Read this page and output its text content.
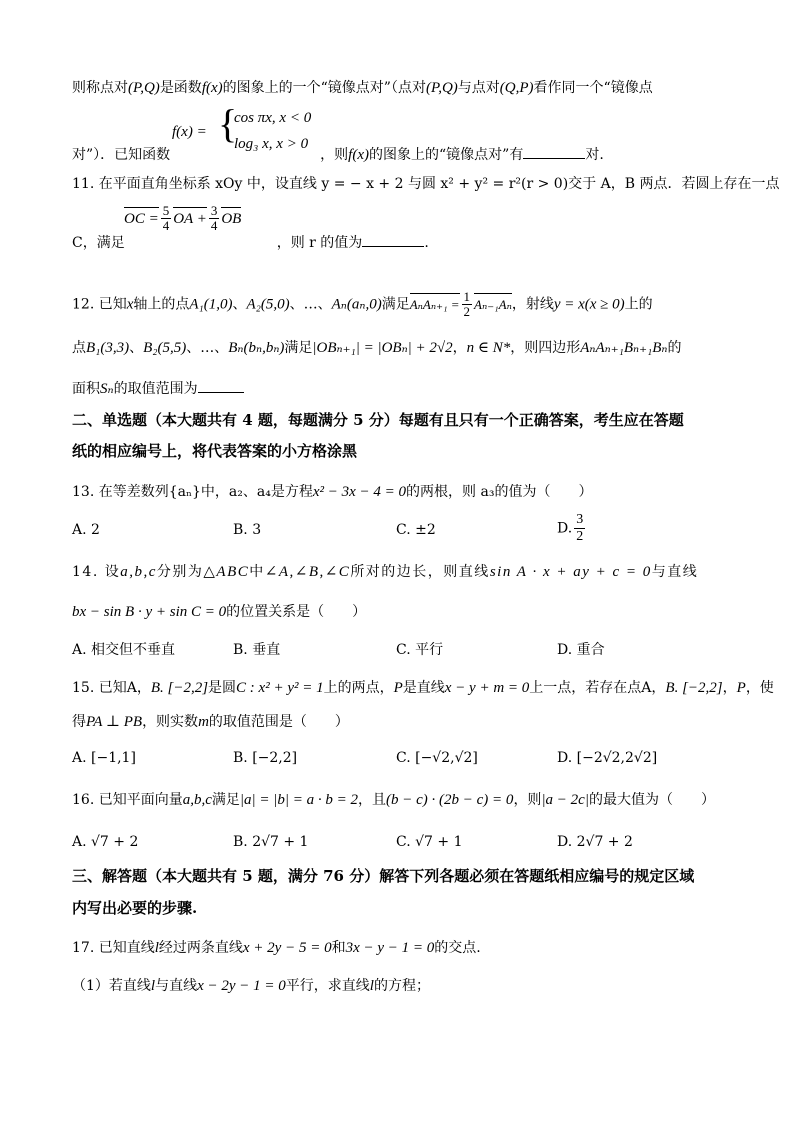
则称点对(P,Q)是函数f(x)的图象上的一个“镜像点对”（点对(P,Q)与点对(Q,P)看作同一个“镜像点
{
f(x) =
cos πx, x < 0
log₃ x, x > 0
对”）．已知函数	，则f(x)的图象上的“镜像点对”有	对.
11. 在平面直角坐标系 xOy 中，设直线 y = − x + 2 与圆 x² + y² = r²(r > 0)交于 A，B 两点．若圆上存在一点
OC = $\frac{5}{4}$ OA + $\frac{3}{4}$ OB
C，满足	，则 r 的值为	.
12. 已知x轴上的点A₁(1,0)、A₂(5,0)、…、Aₙ(aₙ,0)满足$A_nA_{n+1} = \frac{1}{2} A_{n-1}A_n$，射线y = x(x ≥ 0)上的
点B₁(3,3)、B₂(5,5)、…、Bₙ(bₙ,bₙ)满足|OBₙ₊₁| = |OBₙ| + 2√2，n ∈ N*，则四边形AₙAₙ₊₁Bₙ₊₁Bₙ的
面积Sₙ的取值范围为
二、单选题（本大题共有 4 题，每题满分 5 分）每题有且只有一个正确答案，考生应在答题
纸的相应编号上，将代表答案的小方格涂黑
13. 在等差数列{aₙ}中，a₂、a₄是方程x² − 3x − 4 = 0的两根，则 a₃的值为（　　）
A. 2	B. 3	C. ±2	D. $\frac{3}{2}$
14. 设a,b,c分别为△ABC中∠A,∠B,∠C所对的边长，则直线sin A · x + ay + c = 0与直线
bx − sin B · y + sin C = 0的位置关系是（　　）
A. 相交但不垂直	B. 垂直	C. 平行	D. 重合
15. 已知A，B. [−2,2]是圆C : x² + y² = 1上的两点，P是直线x − y + m = 0上一点，若存在点A，B. [−2,2]，P，使
得PA ⊥ PB，则实数m的取值范围是（　　）
A. [−1,1]	B. [−2,2]	C. [−√2,√2]	D. [−2√2,2√2]
16. 已知平面向量a,b,c满足|a| = |b| = a · b = 2，且(b − c) · (2b − c) = 0，则|a − 2c|的最大值为（　　）
A. √7 + 2	B. 2√7 + 1	C. √7 + 1	D. 2√7 + 2
三、解答题（本大题共有 5 题，满分 76 分）解答下列各题必须在答题纸相应编号的规定区域
内写出必要的步骤.
17. 已知直线l经过两条直线x + 2y − 5 = 0和3x − y − 1 = 0的交点.
（1）若直线l与直线x − 2y − 1 = 0平行，求直线l的方程；
